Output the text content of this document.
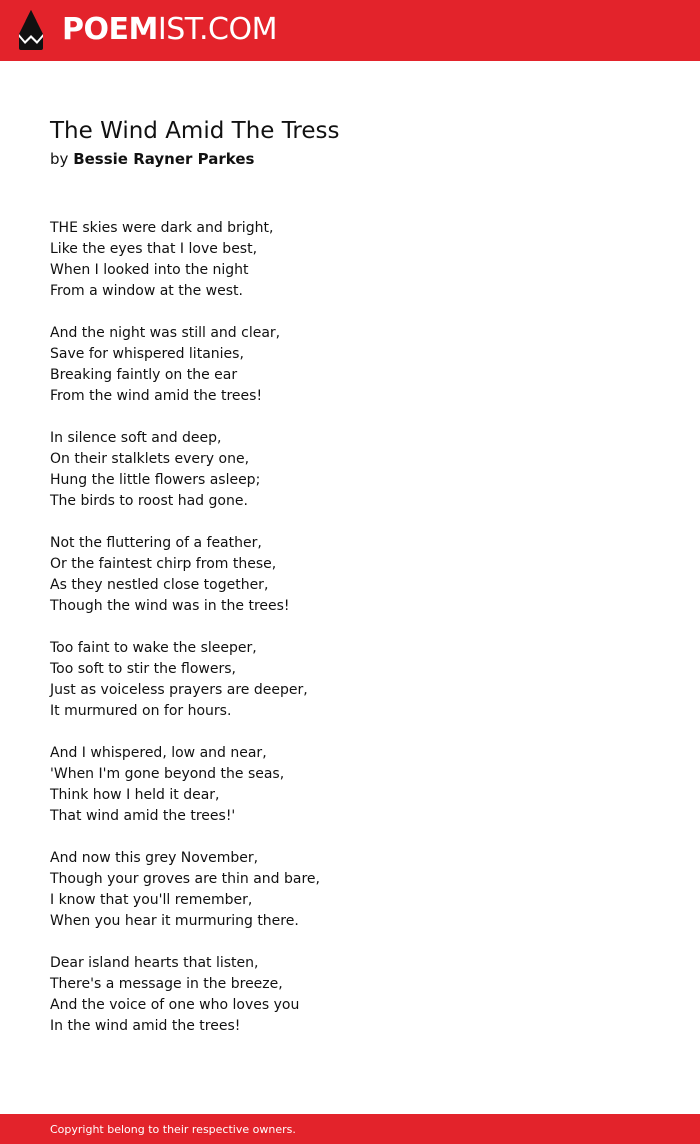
POEMIST.COM
The Wind Amid The Tress
by Bessie Rayner Parkes
THE skies were dark and bright,
Like the eyes that I love best,
When I looked into the night
From a window at the west.
And the night was still and clear,
Save for whispered litanies,
Breaking faintly on the ear
From the wind amid the trees!
In silence soft and deep,
On their stalklets every one,
Hung the little flowers asleep;
The birds to roost had gone.
Not the fluttering of a feather,
Or the faintest chirp from these,
As they nestled close together,
Though the wind was in the trees!
Too faint to wake the sleeper,
Too soft to stir the flowers,
Just as voiceless prayers are deeper,
It murmured on for hours.
And I whispered, low and near,
'When I'm gone beyond the seas,
Think how I held it dear,
That wind amid the trees!'
And now this grey November,
Though your groves are thin and bare,
I know that you'll remember,
When you hear it murmuring there.
Dear island hearts that listen,
There's a message in the breeze,
And the voice of one who loves you
In the wind amid the trees!
Copyright belong to their respective owners.
